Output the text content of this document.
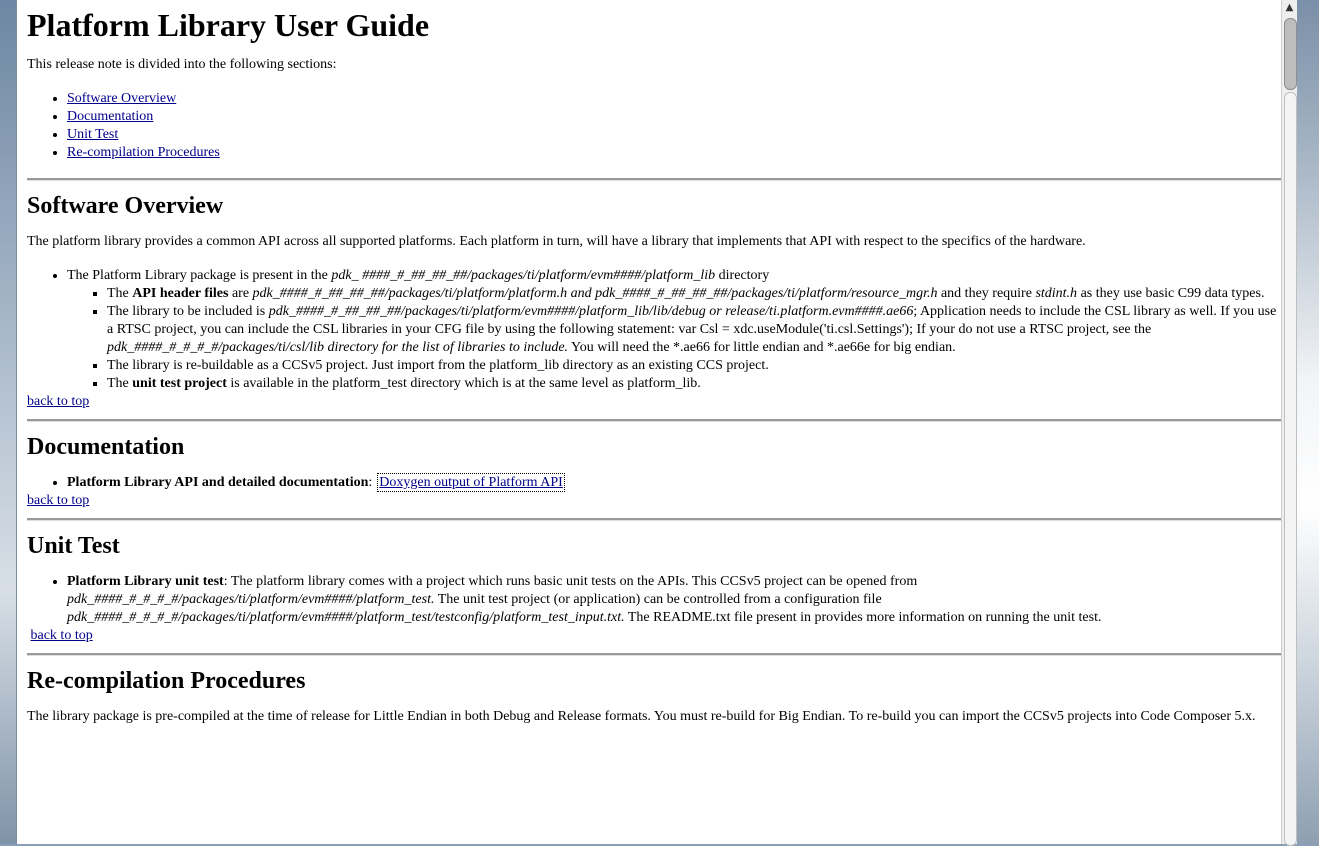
Platform Library User Guide

This release note is divided into the following sections:

• Software Overview
• Documentation
• Unit Test
• Re-compilation Procedures
Software Overview

The platform library provides a common API across all supported platforms. Each platform in turn, will have a library that implements that API with respect to the specifics of the hardware.

• The Platform Library package is present in the pdk_ ####_#_##_##_##/packages/ti/platform/evm####/platform_lib directory
▪ The API header files are pdk_####_#_##_##_##/packages/ti/platform/platform.h and pdk_####_#_##_##_##/packages/ti/platform/resource_mgr.h and they require stdint.h as they use basic C99 data types.
▪ The library to be included is pdk_####_#_##_##_##/packages/ti/platform/evm####/platform_lib/lib/debug or release/ti.platform.evm####.ae66; Application needs to include the CSL library as well. If you use a RTSC project, you can include the CSL libraries in your CFG file by using the following statement: var Csl = xdc.useModule('ti.csl.Settings'); If your do not use a RTSC project, see the pdk_####_#_#_#_#/packages/ti/csl/lib directory for the list of libraries to include. You will need the *.ae66 for little endian and *.ae66e for big endian.
▪ The library is re-buildable as a CCSv5 project. Just import from the platform_lib directory as an existing CCS project.
▪ The unit test project is available in the platform_test directory which is at the same level as platform_lib.
back to top
Documentation
• Platform Library API and detailed documentation:  Doxygen output of Platform API
back to top
Unit Test
• Platform Library unit test: The platform library comes with a project which runs basic unit tests on the APIs. This CCSv5 project can be opened from
pdk_####_#_#_#_#/packages/ti/platform/evm####/platform_test. The unit test project (or application) can be controlled from a configuration file
pdk_####_#_#_#_#/packages/ti/platform/evm####/platform_test/testconfig/platform_test_input.txt. The README.txt file present in provides more information on running the unit test.
back to top
Re-compilation Procedures

The library package is pre-compiled at the time of release for Little Endian in both Debug and Release formats. You must re-build for Big Endian. To re-build you can import the CCSv5 projects into Code Composer 5.x.

▲
